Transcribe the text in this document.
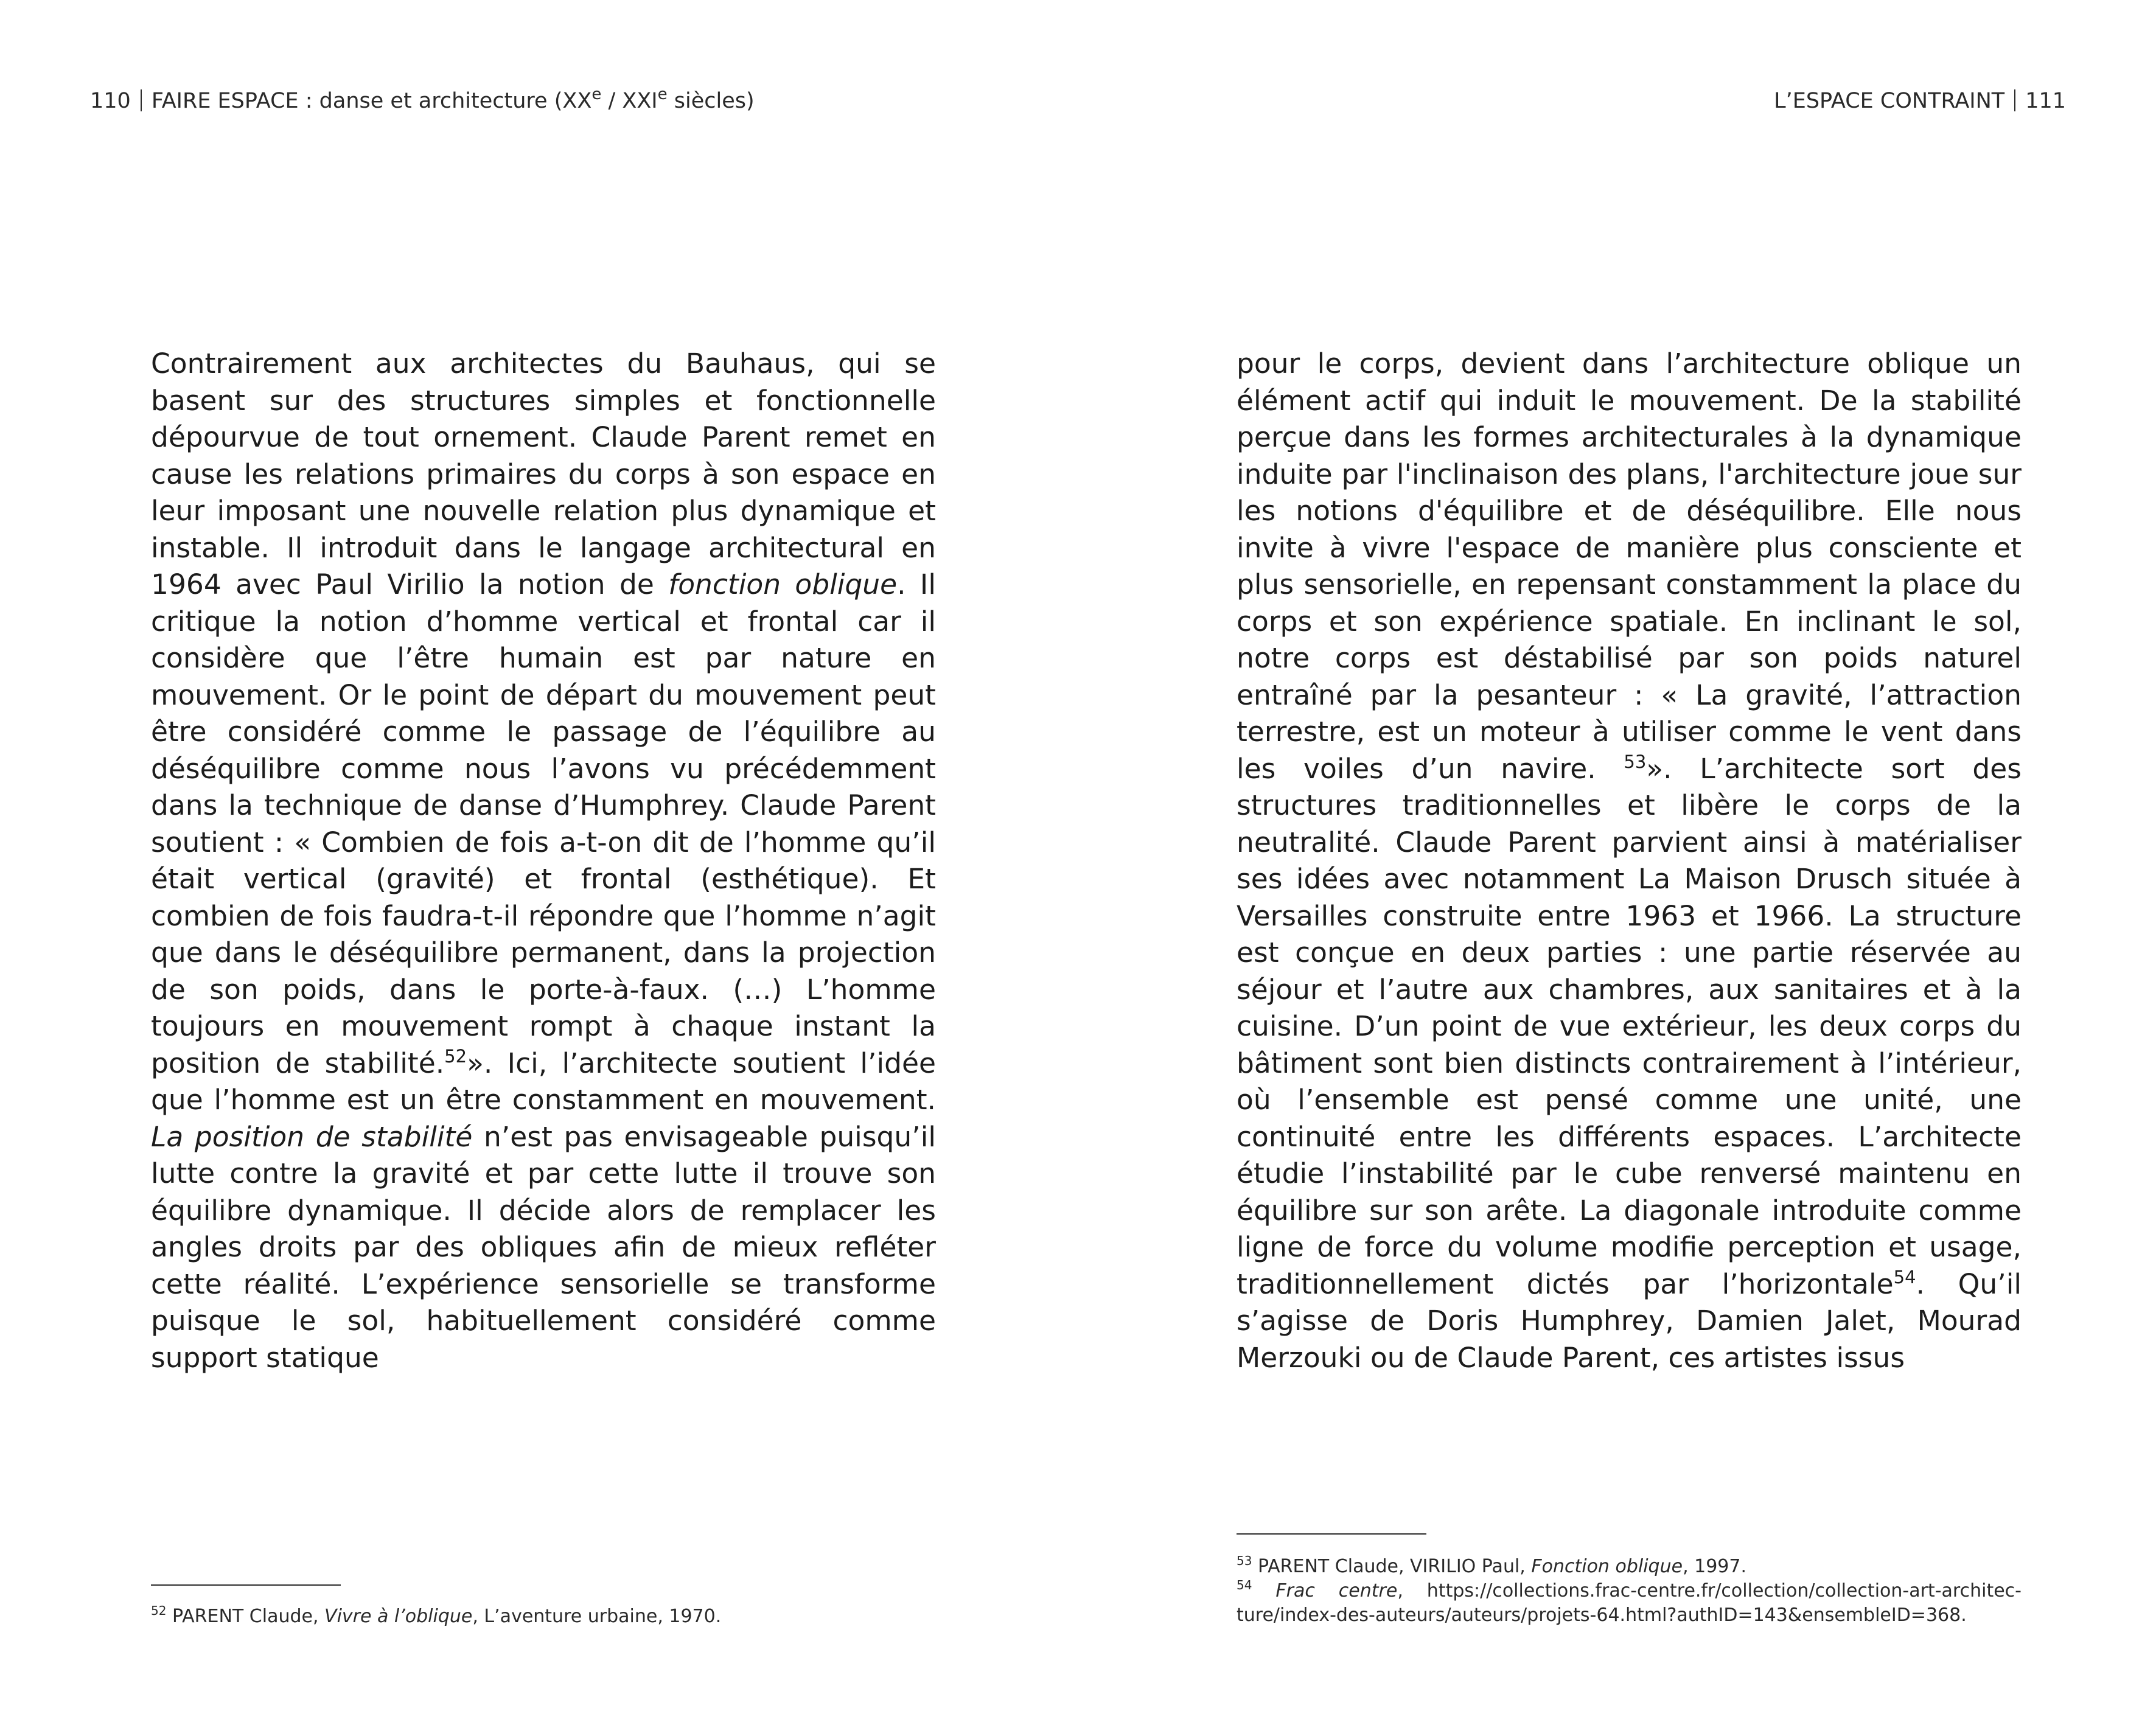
110 FAIRE ESPACE : danse et architecture (XXe / XXIe siècles)

Contrairement aux architectes du Bauhaus, qui se basent sur des structures simples et fonctionnelle dépourvue de tout ornement. Claude Parent remet en cause les relations primaires du corps à son espace en leur imposant une nouvelle relation plus dynamique et instable. Il introduit dans le langage architectural en 1964 avec Paul Virilio la notion de fonction oblique. Il critique la notion d’homme vertical et frontal car il considère que l’être humain est par nature en mouvement. Or le point de départ du mouvement peut être considéré comme le passage de l’équilibre au déséquilibre comme nous l’avons vu précédemment dans la technique de danse d’Humphrey. Claude Parent soutient : « Combien de fois a-t-on dit de l’homme qu’il était vertical (gravité) et frontal (esthétique). Et combien de fois faudra-t-il répondre que l’homme n’agit que dans le déséquilibre permanent, dans la projection de son poids, dans le porte-à-faux. (…) L’homme toujours en mouvement rompt à chaque instant la position de stabilité.$^{52}$». Ici, l’architecte soutient l’idée que l’homme est un être constamment en mouvement. La position de stabilité n’est pas envisageable puisqu’il lutte contre la gravité et par cette lutte il trouve son équilibre dynamique. Il décide alors de remplacer les angles droits par des obliques afin de mieux refléter cette réalité. L’expérience sensorielle se transforme puisque le sol, habituellement considéré comme support statique

$^{52}$ PARENT Claude, Vivre à l’oblique, L’aventure urbaine, 1970.

L’ESPACE CONTRAINT 111

pour le corps, devient dans l’architecture oblique un élément actif qui induit le mouvement. De la stabilité perçue dans les formes architecturales à la dynamique induite par l'inclinaison des plans, l'architecture joue sur les notions d'équilibre et de déséquilibre. Elle nous invite à vivre l'espace de manière plus consciente et plus sensorielle, en repensant constamment la place du corps et son expérience spatiale. En inclinant le sol, notre corps est déstabilisé par son poids naturel entraîné par la pesanteur : « La gravité, l’attraction terrestre, est un moteur à utiliser comme le vent dans les voiles d’un navire. $^{53}$». L’architecte sort des structures traditionnelles et libère le corps de la neutralité. Claude Parent parvient ainsi à matérialiser ses idées avec notamment La Maison Drusch située à Versailles construite entre 1963 et 1966. La structure est conçue en deux parties : une partie réservée au séjour et l’autre aux chambres, aux sanitaires et à la cuisine. D’un point de vue extérieur, les deux corps du bâtiment sont bien distincts contrairement à l’intérieur, où l’ensemble est pensé comme une unité, une continuité entre les différents espaces. L’architecte étudie l’instabilité par le cube renversé maintenu en équilibre sur son arête. La diagonale introduite comme ligne de force du volume modifie perception et usage, traditionnellement dictés par l’horizontale$^{54}$. Qu’il s’agisse de Doris Humphrey, Damien Jalet, Mourad Merzouki ou de Claude Parent, ces artistes issus

$^{53}$ PARENT Claude, VIRILIO Paul, Fonction oblique, 1997.

$^{54}$ Frac centre, https://collections.frac-centre.fr/collection/collection-art-architec-ture/index-des-auteurs/auteurs/projets-64.html?authID=143&ensembleID=368.
